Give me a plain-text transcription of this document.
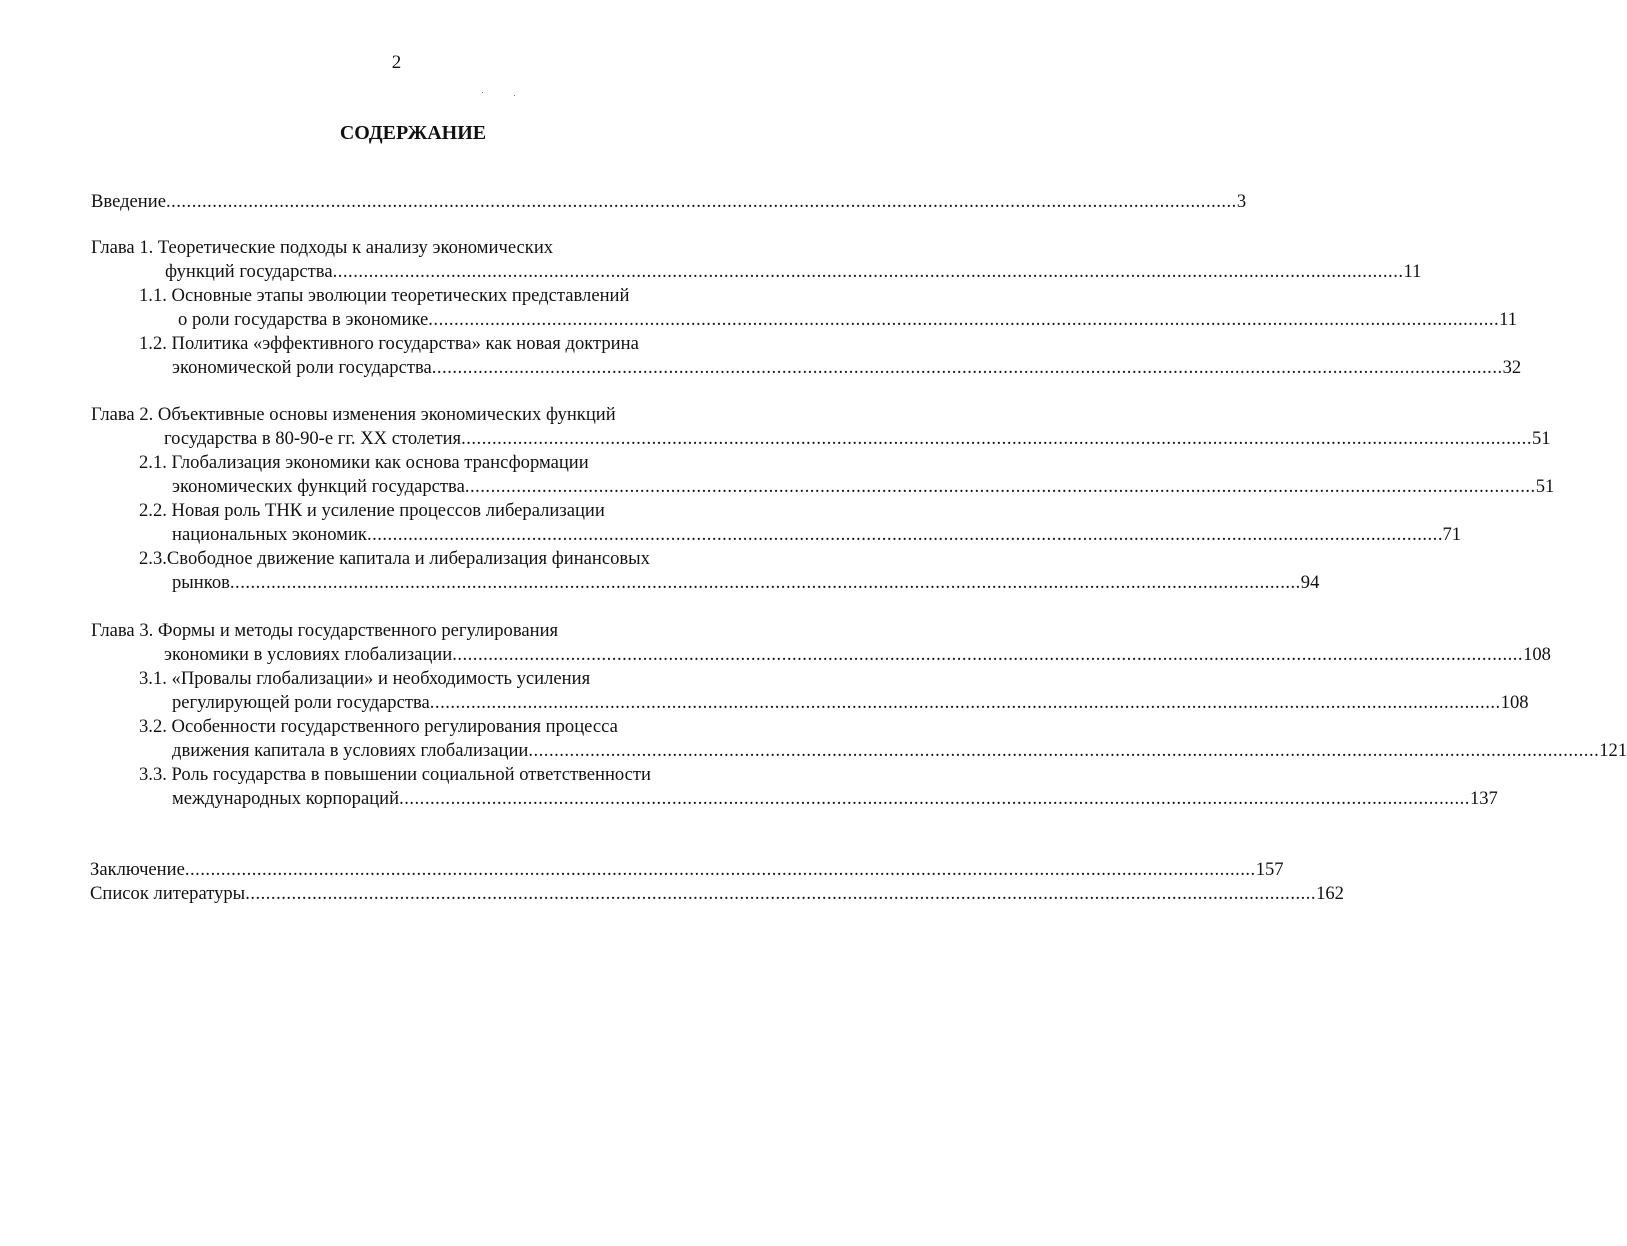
2
СОДЕРЖАНИЕ
Введение ................................................................................................................................................................................................................ 3
Глава 1. Теоретические подходы к анализу экономических
функций государства ................................................................................................................................................................................................................ 11
1.1. Основные этапы эволюции теоретических представлений
о роли государства в экономике ................................................................................................................................................................................................................ 11
1.2. Политика «эффективного государства» как новая доктрина
экономической роли государства ................................................................................................................................................................................................................ 32
Глава 2. Объективные основы изменения экономических функций
государства в 80-90-е гг. XX столетия ................................................................................................................................................................................................................ 51
2.1. Глобализация экономики как основа трансформации
экономических функций государства ................................................................................................................................................................................................................ 51
2.2. Новая роль ТНК и усиление процессов либерализации
национальных экономик ................................................................................................................................................................................................................ .71
2.3.Свободное движение капитала и либерализация финансовых
рынков ................................................................................................................................................................................................................ 94
Глава 3. Формы и методы государственного регулирования
экономики в условиях глобализации ................................................................................................................................................................................................................ 108
3.1. «Провалы глобализации» и необходимость усиления
регулирующей роли государства ................................................................................................................................................................................................................ 108
3.2. Особенности государственного регулирования процесса
движения капитала в условиях глобализации ................................................................................................................................................................................................................ 121
3.3. Роль государства в повышении социальной ответственности
международных корпораций ................................................................................................................................................................................................................ 137
Заключение ................................................................................................................................................................................................................ 157
Список литературы ................................................................................................................................................................................................................ 162
